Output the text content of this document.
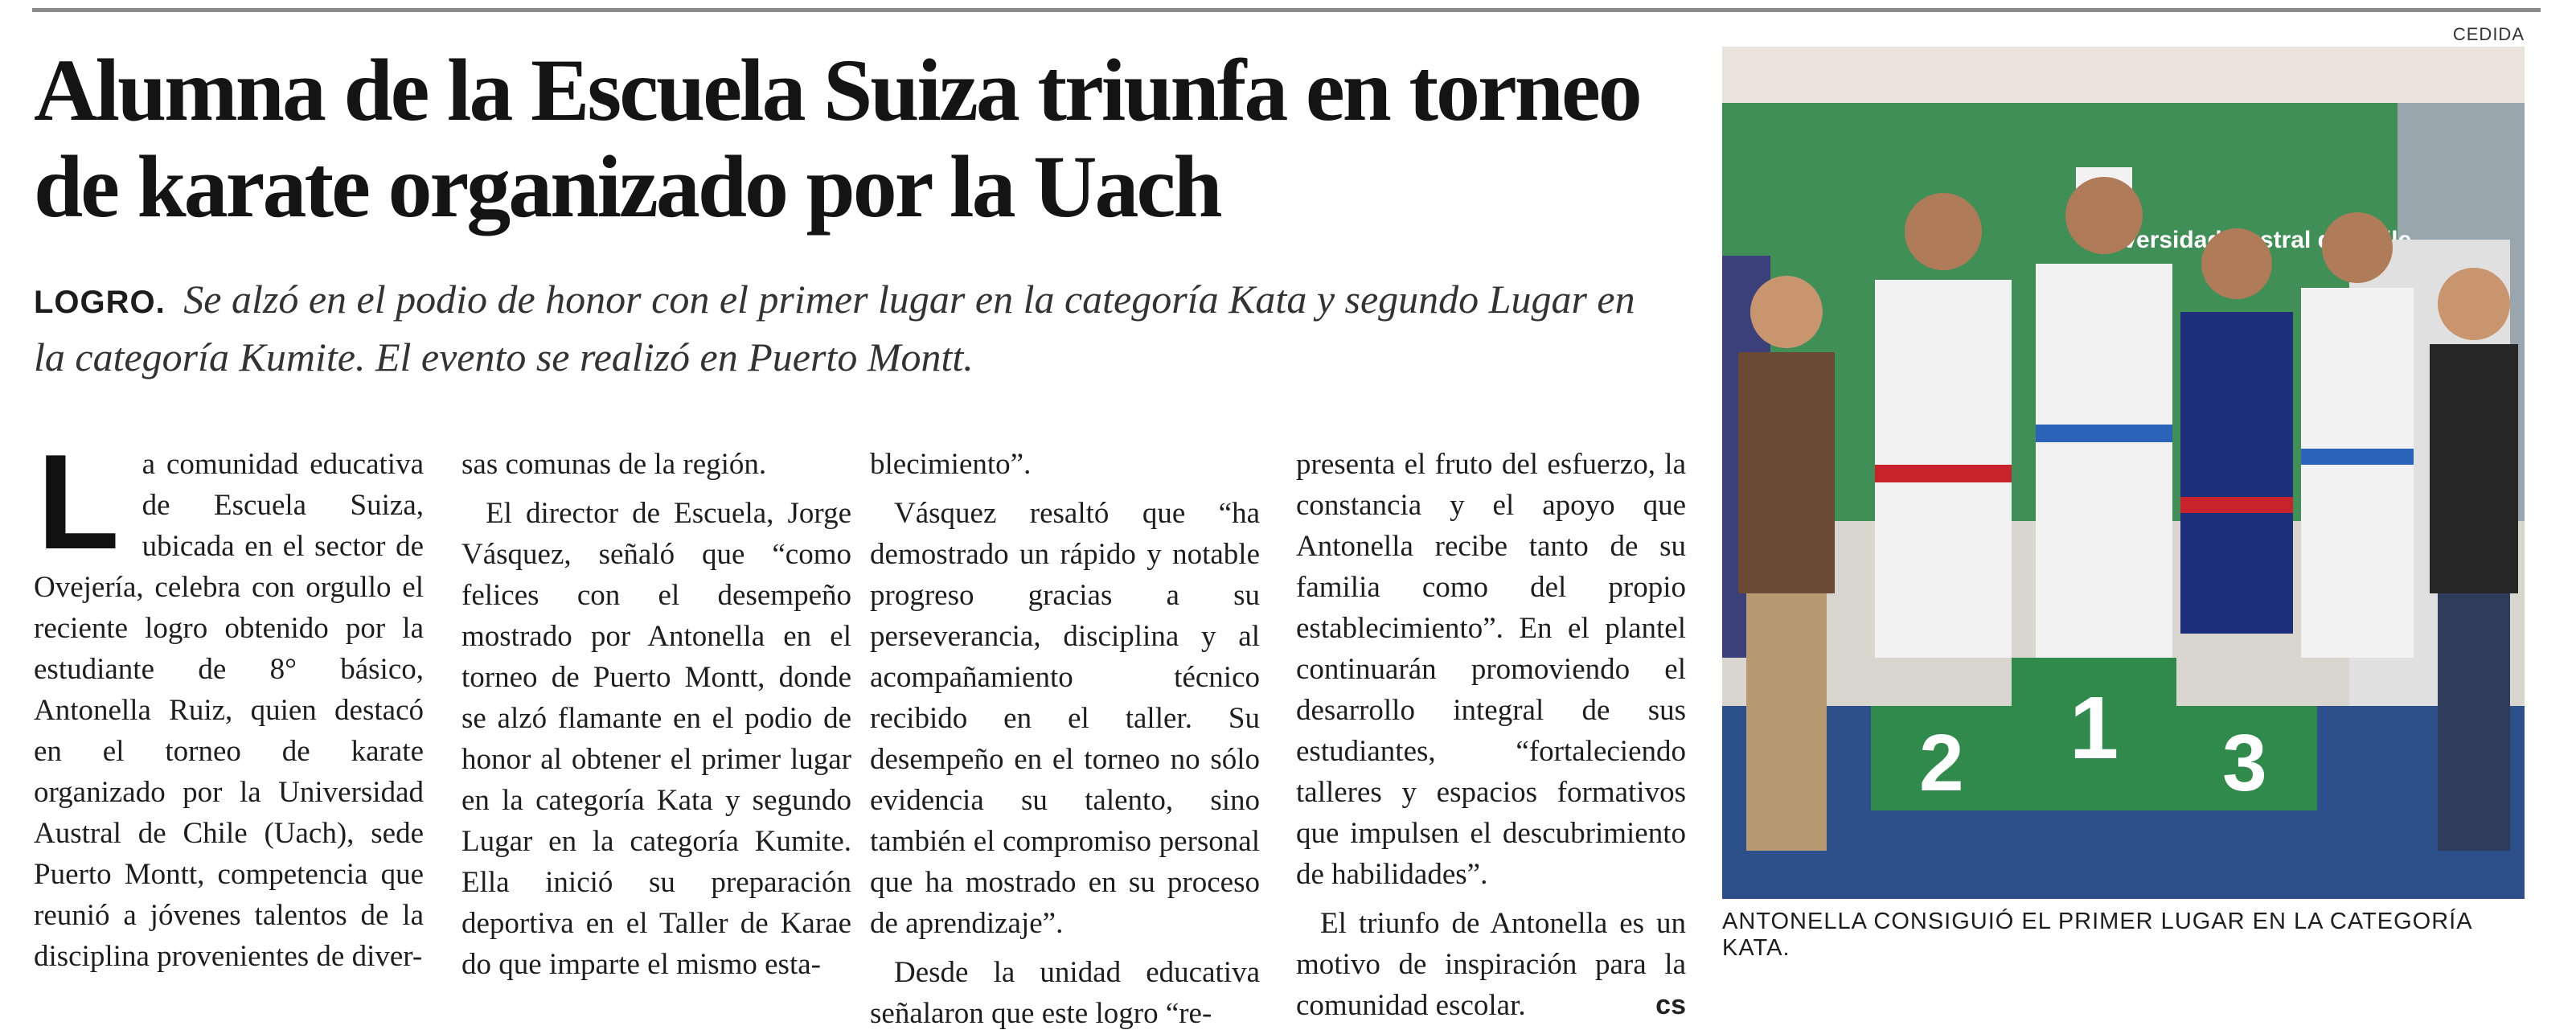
Alumna de la Escuela Suiza triunfa en torneo de karate organizado por la Uach
LOGRO. Se alzó en el podio de honor con el primer lugar en la categoría Kata y segundo Lugar en la categoría Kumite. El evento se realizó en Puerto Montt.

La comunidad educativa de Escuela Suiza, ubicada en el sector de Ovejería, celebra con orgullo el reciente logro obtenido por la estudiante de 8° básico, Antonella Ruiz, quien destacó en el torneo de karate organizado por la Universidad Austral de Chile (Uach), sede Puerto Montt, competencia que reunió a jóvenes talentos de la disciplina provenientes de diver-

sas comunas de la región.

El director de Escuela, Jorge Vásquez, señaló que “como felices con el desempeño mostrado por Antonella en el torneo de Puerto Montt, donde se alzó flamante en el podio de honor al obtener el primer lugar en la categoría Kata y segundo Lugar en la categoría Kumite. Ella inició su preparación deportiva en el Taller de Karae do que imparte el mismo esta-

blecimiento”.

Vásquez resaltó que “ha demostrado un rápido y notable progreso gracias a su perseverancia, disciplina y al acompañamiento técnico recibido en el taller. Su desempeño en el torneo no sólo evidencia su talento, sino también el compromiso personal que ha mostrado en su proceso de aprendizaje”.

Desde la unidad educativa señalaron que este logro “re-

presenta el fruto del esfuerzo, la constancia y el apoyo que Antonella recibe tanto de su familia como del propio establecimiento”. En el plantel continuarán promoviendo el desarrollo integral de sus estudiantes, “fortaleciendo talleres y espacios formativos que impulsen el descubrimiento de habilidades”.

El triunfo de Antonella es un motivo de inspiración para la comunidad escolar.	cs

CEDIDA
Universidad Austral
2 1 3
ANTONELLA CONSIGUIÓ EL PRIMER LUGAR EN LA CATEGORÍA KATA.
